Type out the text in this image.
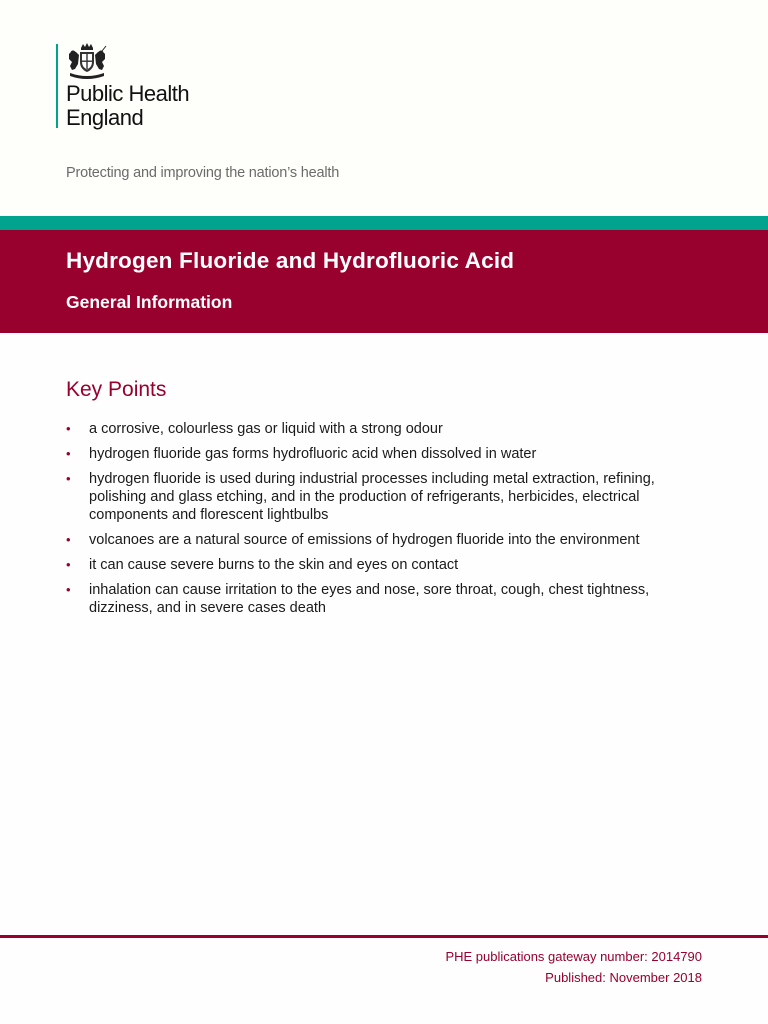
Public Health
England
Protecting and improving the nation’s health
Hydrogen Fluoride and Hydrofluoric Acid
General Information
Key Points
• a corrosive, colourless gas or liquid with a strong odour
• hydrogen fluoride gas forms hydrofluoric acid when dissolved in water
• hydrogen fluoride is used during industrial processes including metal extraction, refining, polishing and glass etching, and in the production of refrigerants, herbicides, electrical components and florescent lightbulbs
• volcanoes are a natural source of emissions of hydrogen fluoride into the environment
• it can cause severe burns to the skin and eyes on contact
• inhalation can cause irritation to the eyes and nose, sore throat, cough, chest tightness, dizziness, and in severe cases death
PHE publications gateway number: 2014790
Published: November 2018
